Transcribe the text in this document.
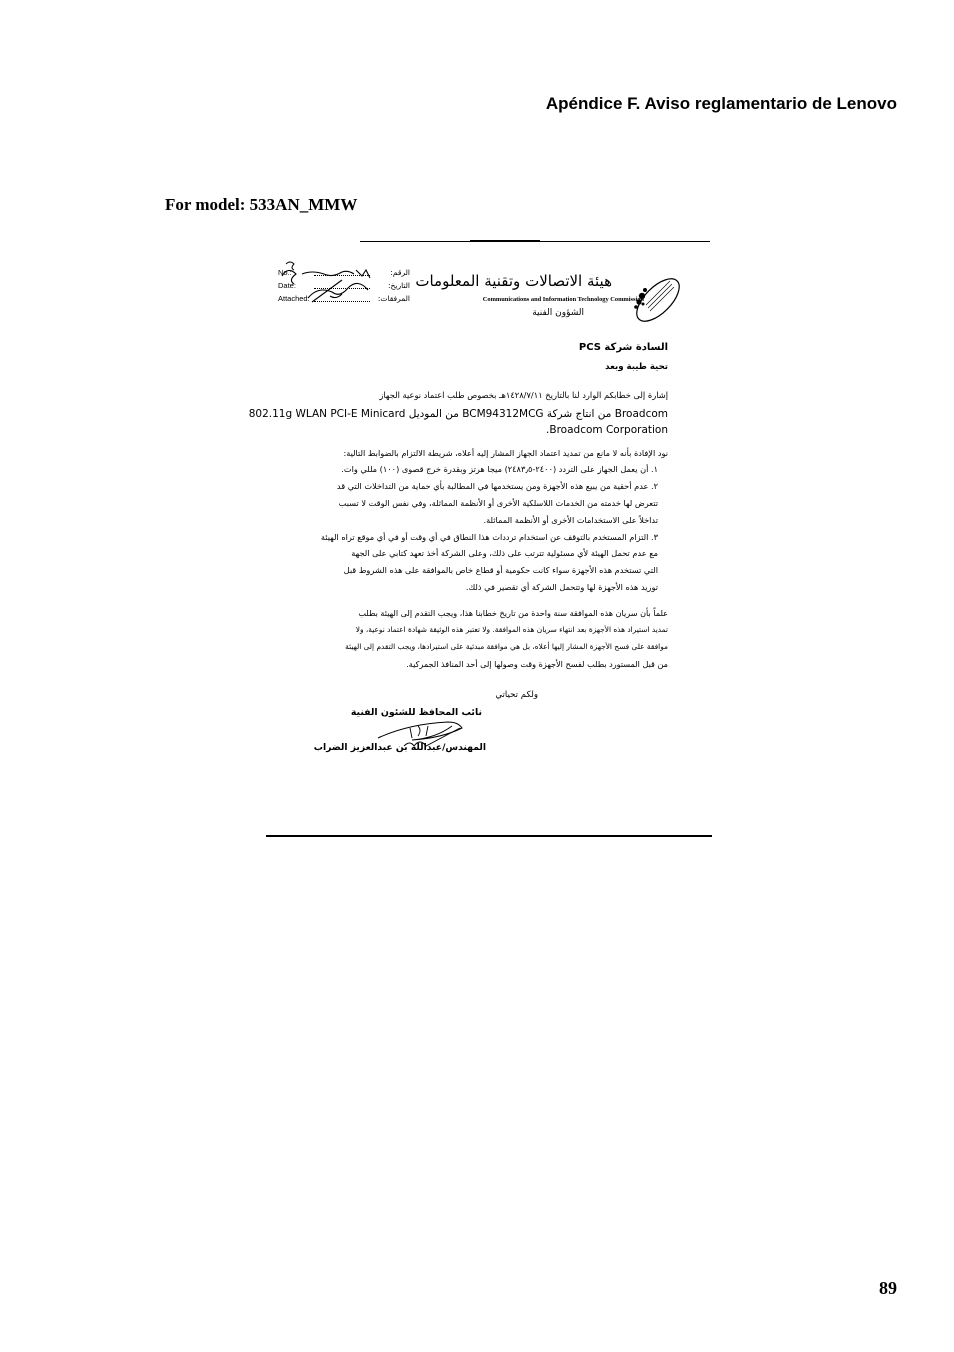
Apéndice F. Aviso reglamentario de Lenovo
For model: 533AN_MMW
هيئة الاتصالات وتقنية المعلومات
Communications and Information Technology Commission
الشؤون الفنية
No.:	الرقم:
Date:	التاريخ:
Attached:	المرفقات:
السادة شركة PCS
تحية طيبة وبعد
إشارة إلى خطابكم الوارد لنا بالتاريخ ١٤٢٨/٧/١١هـ بخصوص طلب اعتماد نوعية الجهاز
Broadcom من انتاج شركة BCM94312MCG من الموديل 802.11g WLAN PCI-E Minicard
.Broadcom Corporation
نود الإفادة بأنه لا مانع من تمديد اعتماد الجهاز المشار إليه أعلاه، شريطة الالتزام بالضوابط التالية:
١. أن يعمل الجهاز على التردد (٢٤٠٠-٢٤٨٣٫٥) ميجا هرتز وبقدرة خرج قصوى (١٠٠) مللي وات.
٢. عدم أحقية من يبيع هذه الأجهزة ومن يستخدمها في المطالبة بأي حماية من التداخلات التي قد
تتعرض لها خدمته من الخدمات اللاسلكية الأخرى أو الأنظمة المماثلة، وفي نفس الوقت لا تسبب
تداخلاً على الاستخدامات الأخرى أو الأنظمة المماثلة.
٣. التزام المستخدم بالتوقف عن استخدام ترددات هذا النطاق في أي وقت أو في أي موقع تراه الهيئة
مع عدم تحمل الهيئة لأي مسئولية تترتب على ذلك، وعلى الشركة أخذ تعهد كتابي على الجهة
التي تستخدم هذه الأجهزة سواء كانت حكومية أو قطاع خاص بالموافقة على هذه الشروط قبل
توريد هذه الأجهزة لها وتتحمل الشركة أي تقصير في ذلك.
علماً بأن سريان هذه الموافقة سنة واحدة من تاريخ خطابنا هذا، ويجب التقدم إلى الهيئة بطلب
تمديد استيراد هذه الأجهزة بعد انتهاء سريان هذه الموافقة. ولا تعتبر هذه الوثيقة شهادة اعتماد نوعية، ولا
موافقة على فسح الأجهزة المشار إليها أعلاه، بل هي موافقة مبدئية على استيرادها، ويجب التقدم إلى الهيئة
من قبل المستورد بطلب لفسح الأجهزة وقت وصولها إلى أحد المنافذ الجمركية.
ولكم تحياتي
نائب المحافظ للشئون الفنية
المهندس/عبدالله بن عبدالعزيز الضراب
89
